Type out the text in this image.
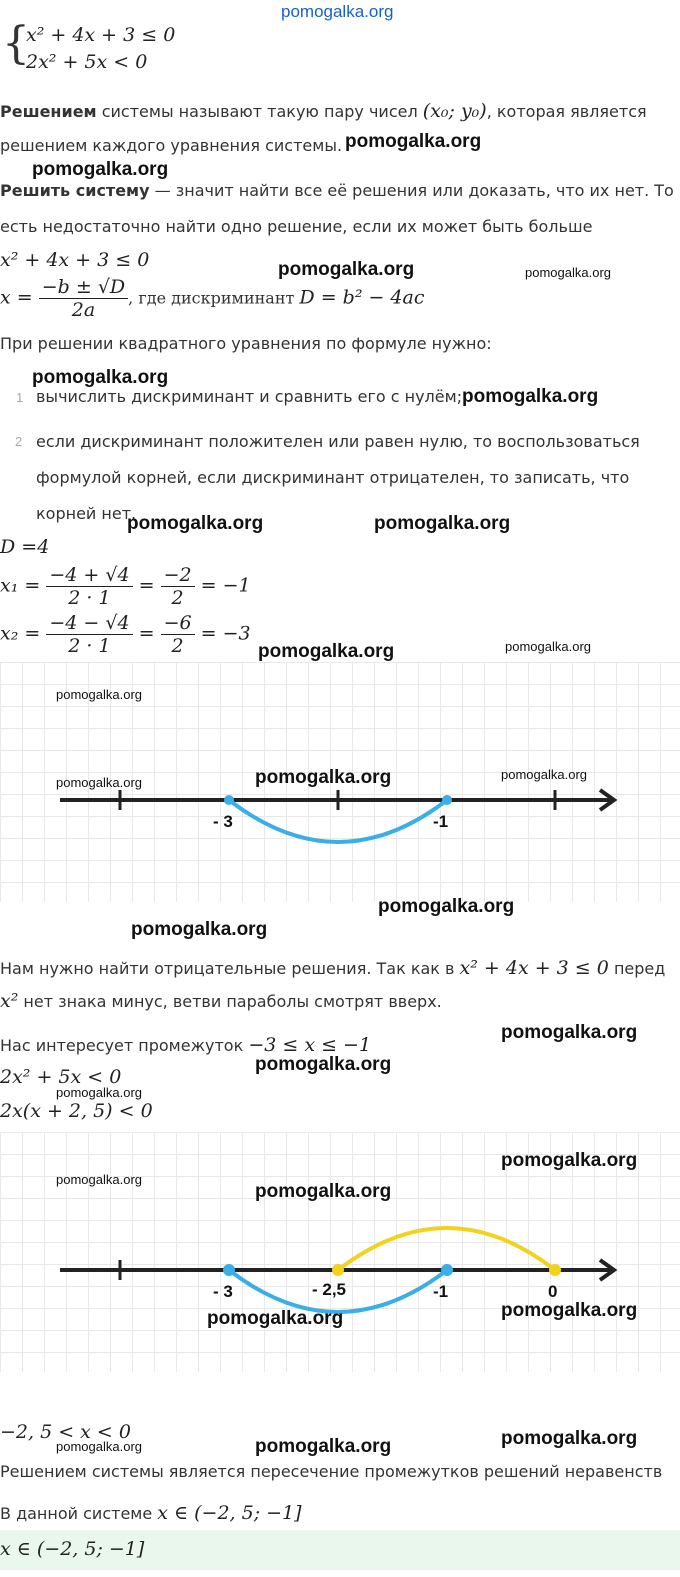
pomogalka.org
{
x² + 4x + 3 ≤ 0
2x² + 5x < 0
Решением системы называют такую пару чисел (x₀; y₀), которая является
решением каждого уравнения системы.
Решить систему — значит найти все её решения или доказать, что их нет. То
есть недостаточно найти одно решение, если их может быть больше
x² + 4x + 3 ≤ 0
$x = \frac{-b \pm √D}{2a}$ , где дискриминант D = b² − 4ac
При решении квадратного уравнения по формуле нужно:
1 вычислить дискриминант и сравнить его с нулём;
2 если дискриминант положителен или равен нулю, то воспользоваться
формулой корней, если дискриминант отрицателен, то записать, что
корней нет.
D =4
$x_1 = \frac{-4 + √4}{2 \cdot 1} = \frac{-2}{2} = -1$
$x_2 = \frac{-4 - √4}{2 \cdot 1} = \frac{-6}{2} = -3$
- 3	-1
Нам нужно найти отрицательные решения. Так как в x² + 4x + 3 ≤ 0 перед
x² нет знака минус, ветви параболы смотрят вверх.
Нас интересует промежуток −3 ≤ x ≤ −1
2x² + 5x < 0
2x(x + 2, 5) < 0
- 3	- 2,5	-1	0
−2, 5 < x < 0
Решением системы является пересечение промежутков решений неравенств
В данной системе x ∈ (−2, 5; −1]
x ∈ (−2, 5; −1]
pomogalka.org
pomogalka.org
pomogalka.org	pomogalka.org
pomogalka.org
pomogalka.org
pomogalka.org	pomogalka.org
pomogalka.org	pomogalka.org
pomogalka.org
pomogalka.org
pomogalka.org
pomogalka.org
pomogalka.org
pomogalka.org
pomogalka.org
pomogalka.org
pomogalka.org
pomogalka.org
pomogalka.org
pomogalka.org
pomogalka.org
pomogalka.org
pomogalka.org
pomogalka.org	pomogalka.org
